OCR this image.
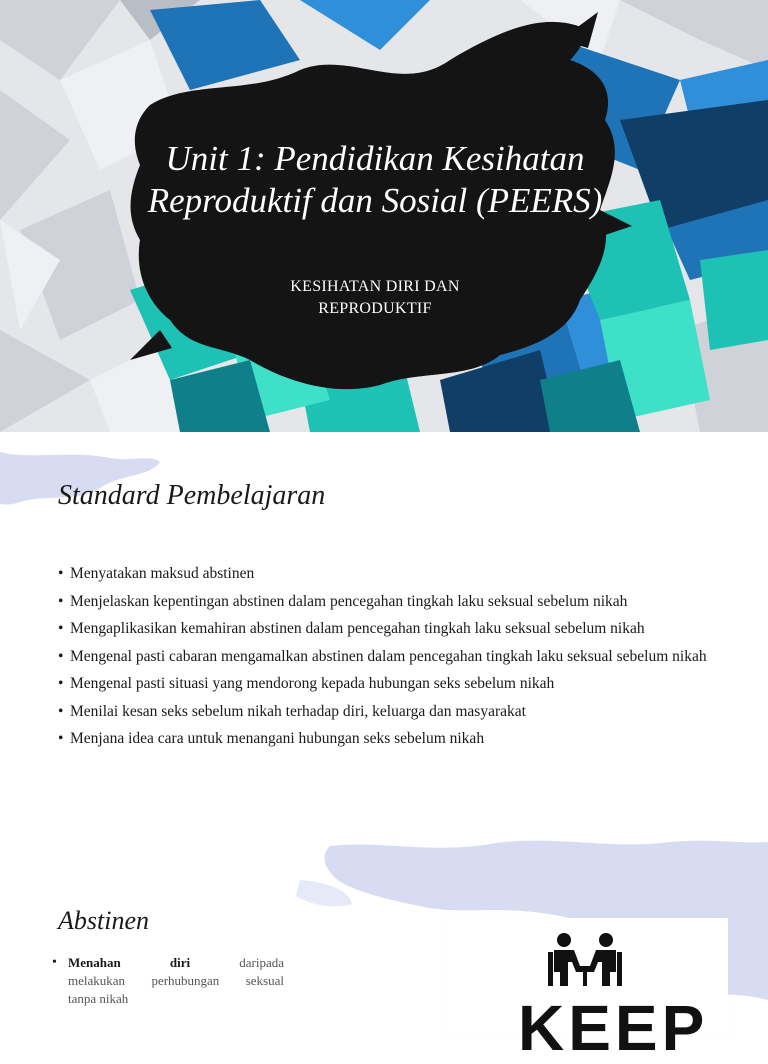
Unit 1: Pendidikan Kesihatan Reproduktif dan Sosial (PEERS)
KESIHATAN DIRI DAN
REPRODUKTIF
Standard Pembelajaran
• Menyatakan maksud abstinen
• Menjelaskan kepentingan abstinen dalam pencegahan tingkah laku seksual sebelum nikah
• Mengaplikasikan kemahiran abstinen dalam pencegahan tingkah laku seksual sebelum nikah
• Mengenal pasti cabaran mengamalkan abstinen dalam pencegahan tingkah laku seksual sebelum nikah
• Mengenal pasti situasi yang mendorong kepada hubungan seks sebelum nikah
• Menilai kesan seks sebelum nikah terhadap diri, keluarga dan masyarakat
• Menjana idea cara untuk menangani hubungan seks sebelum nikah
Abstinen
• Menahan diri	daripada
melakukan perhubungan seksual
tanpa nikah	KEEP
